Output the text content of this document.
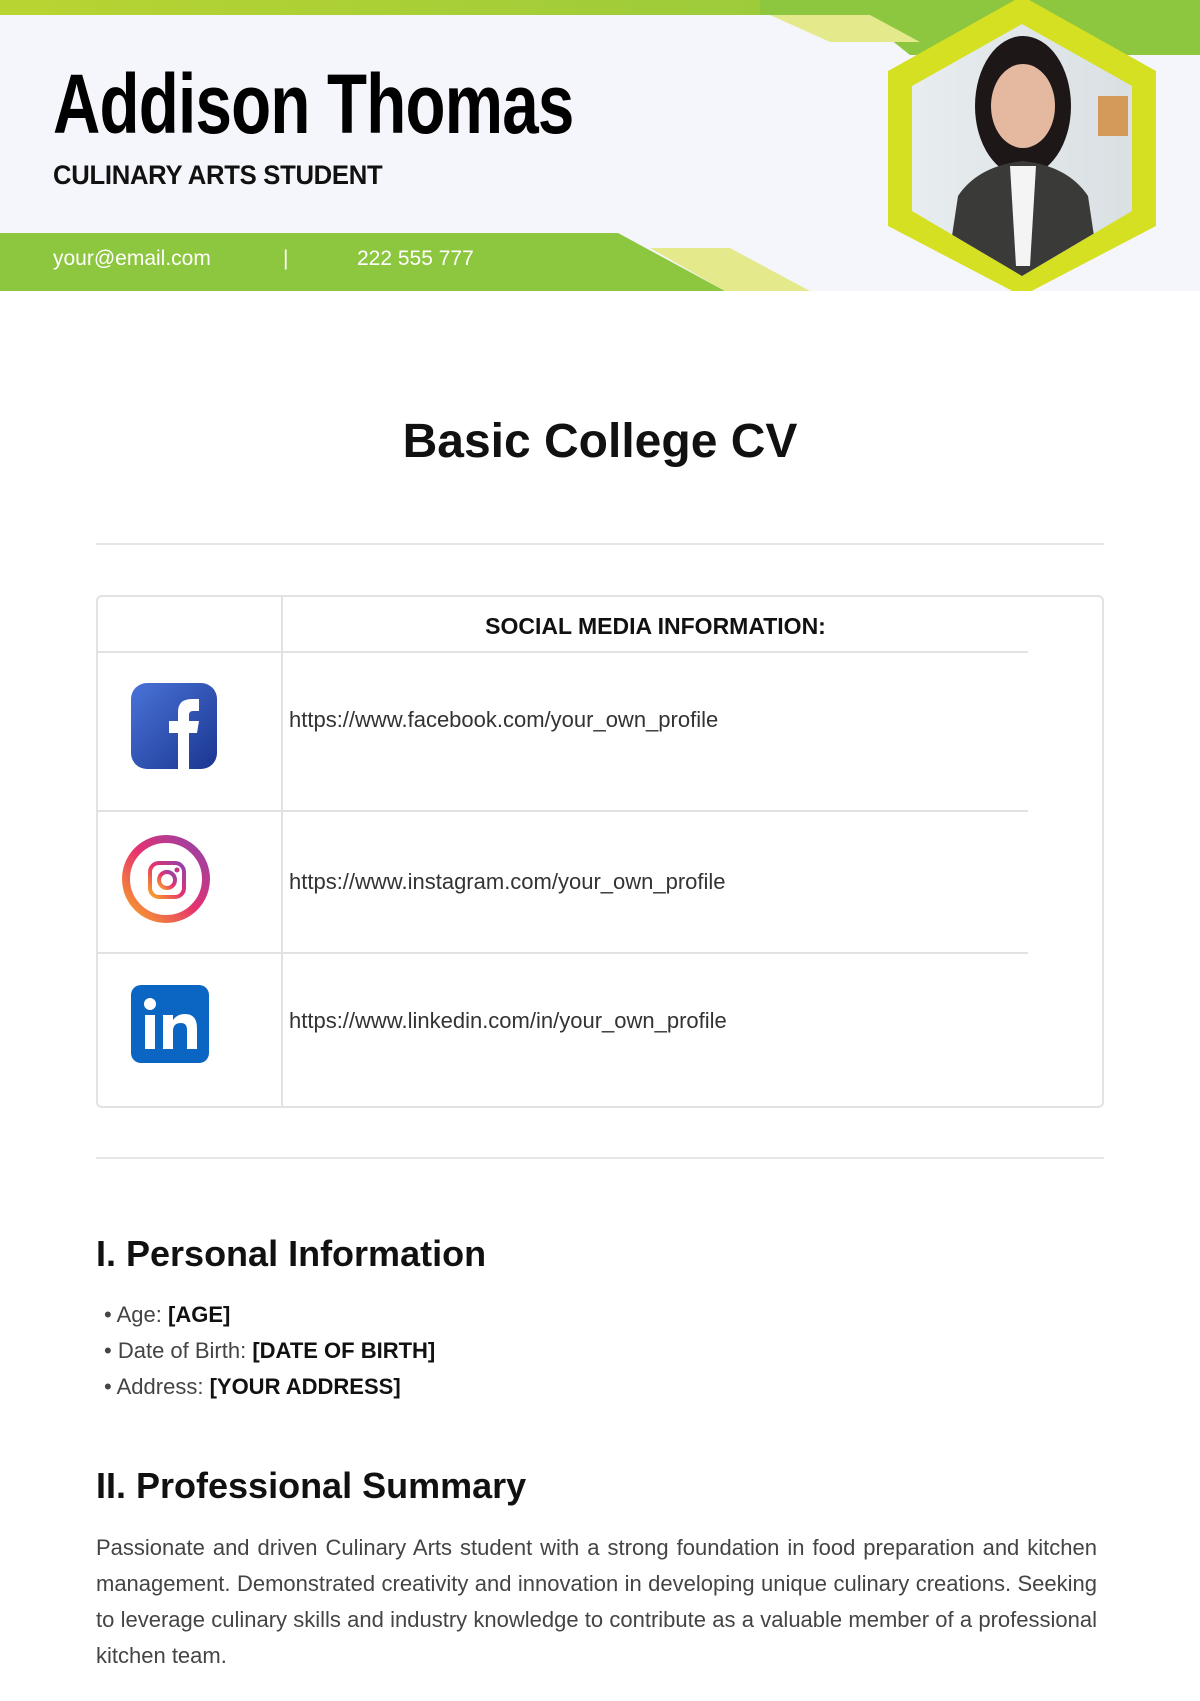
Addison Thomas
CULINARY ARTS STUDENT
your@email.com	|	222 555 777
Basic College CV
SOCIAL MEDIA INFORMATION:
https://www.facebook.com/your_own_profile
https://www.instagram.com/your_own_profile
https://www.linkedin.com/in/your_own_profile
I. Personal Information
• Age: [AGE]
• Date of Birth: [DATE OF BIRTH]
• Address: [YOUR ADDRESS]
II. Professional Summary

Passionate and driven Culinary Arts student with a strong foundation in food preparation and kitchen management. Demonstrated creativity and innovation in developing unique culinary creations. Seeking to leverage culinary skills and industry knowledge to contribute as a valuable member of a professional kitchen team.
